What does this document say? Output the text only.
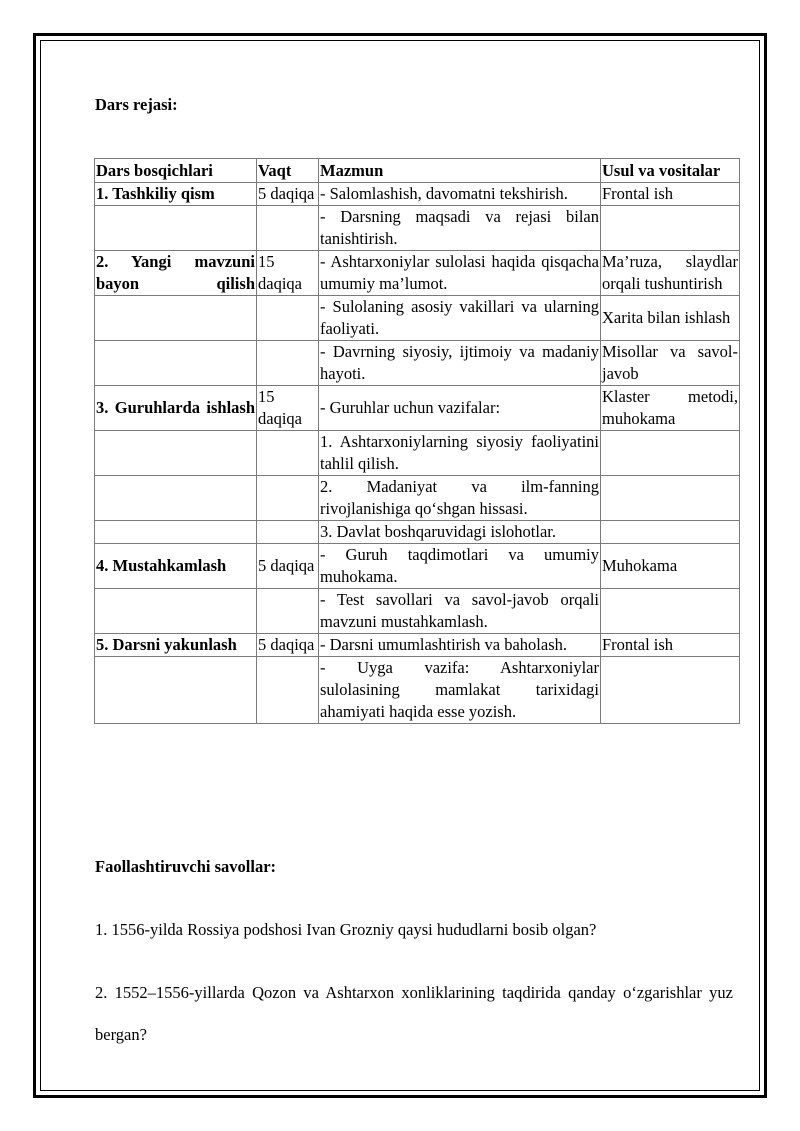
Dars rejasi:
Dars bosqichlari	Vaqt	Mazmun	Usul va vositalar
1. Tashkiliy qism	5 daqiqa	- Salomlashish, davomatni tekshirish.	Frontal ish
		- Darsning maqsadi va rejasi bilan tanishtirish.	
2. Yangi mavzuni bayon qilish	15 daqiqa	- Ashtarxoniylar sulolasi haqida qisqacha umumiy ma’lumot.	Ma’ruza, slaydlar orqali tushuntirish
		- Sulolaning asosiy vakillari va ularning faoliyati.	Xarita bilan ishlash
		- Davrning siyosiy, ijtimoiy va madaniy hayoti.	Misollar va savol-javob
3. Guruhlarda ishlash	15 daqiqa	- Guruhlar uchun vazifalar:	Klaster metodi, muhokama
		1. Ashtarxoniylarning siyosiy faoliyatini tahlil qilish.	
		2. Madaniyat va ilm-fanning rivojlanishiga qo‘shgan hissasi.	
		3. Davlat boshqaruvidagi islohotlar.	
4. Mustahkamlash	5 daqiqa	- Guruh taqdimotlari va umumiy muhokama.	Muhokama
		- Test savollari va savol-javob orqali mavzuni mustahkamlash.	
5. Darsni yakunlash	5 daqiqa	- Darsni umumlashtirish va baholash.	Frontal ish
		- Uyga vazifa: Ashtarxoniylar sulolasining mamlakat tarixidagi ahamiyati haqida esse yozish.	
Faollashtiruvchi savollar:
1. 1556-yilda Rossiya podshosi Ivan Grozniy qaysi hududlarni bosib olgan?
2. 1552–1556-yillarda Qozon va Ashtarxon xonliklarining taqdirida qanday o‘zgarishlar yuz bergan?
